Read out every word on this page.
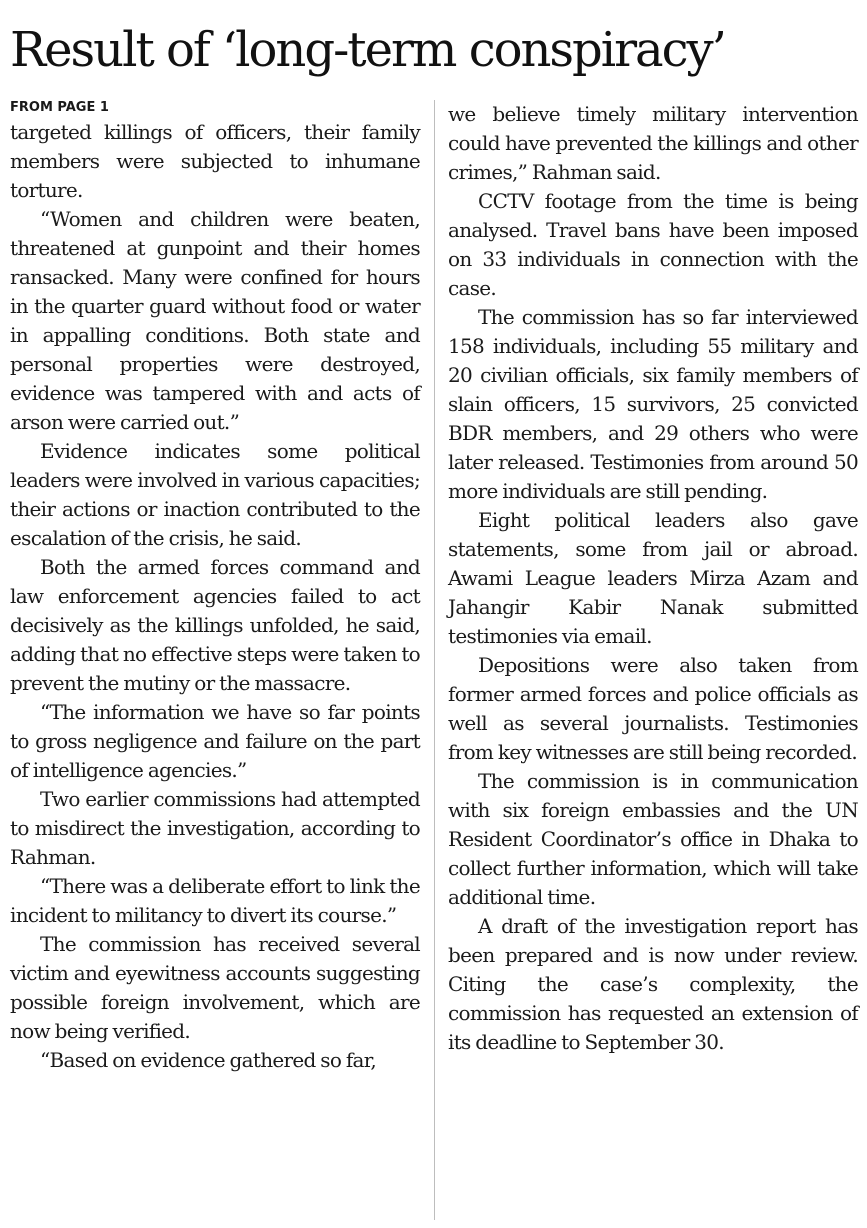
Result of ‘long-term conspiracy’
FROM PAGE 1

targeted killings of officers, their family members were subjected to inhumane torture.

“Women and children were beaten, threatened at gunpoint and their homes ransacked. Many were confined for hours in the quarter guard without food or water in appalling conditions. Both state and personal properties were destroyed, evidence was tampered with and acts of arson were carried out.”

Evidence indicates some political leaders were involved in various capacities; their actions or inaction contributed to the escalation of the crisis, he said.

Both the armed forces command and law enforcement agencies failed to act decisively as the killings unfolded, he said, adding that no effective steps were taken to prevent the mutiny or the massacre.

“The information we have so far points to gross negligence and failure on the part of intelligence agencies.”

Two earlier commissions had attempted to misdirect the investigation, according to Rahman.

“There was a deliberate effort to link the incident to militancy to divert its course.”

The commission has received several victim and eyewitness accounts suggesting possible foreign involvement, which are now being verified.

“Based on evidence gathered so far,

we believe timely military intervention could have prevented the killings and other crimes,” Rahman said.

CCTV footage from the time is being analysed. Travel bans have been imposed on 33 individuals in connection with the case.

The commission has so far interviewed 158 individuals, including 55 military and 20 civilian officials, six family members of slain officers, 15 survivors, 25 convicted BDR members, and 29 others who were later released. Testimonies from around 50 more individuals are still pending.

Eight political leaders also gave statements, some from jail or abroad. Awami League leaders Mirza Azam and Jahangir Kabir Nanak submitted testimonies via email.

Depositions were also taken from former armed forces and police officials as well as several journalists. Testimonies from key witnesses are still being recorded.

The commission is in communication with six foreign embassies and the UN Resident Coordinator’s office in Dhaka to collect further information, which will take additional time.

A draft of the investigation report has been prepared and is now under review. Citing the case’s complexity, the commission has requested an extension of its deadline to September 30.
